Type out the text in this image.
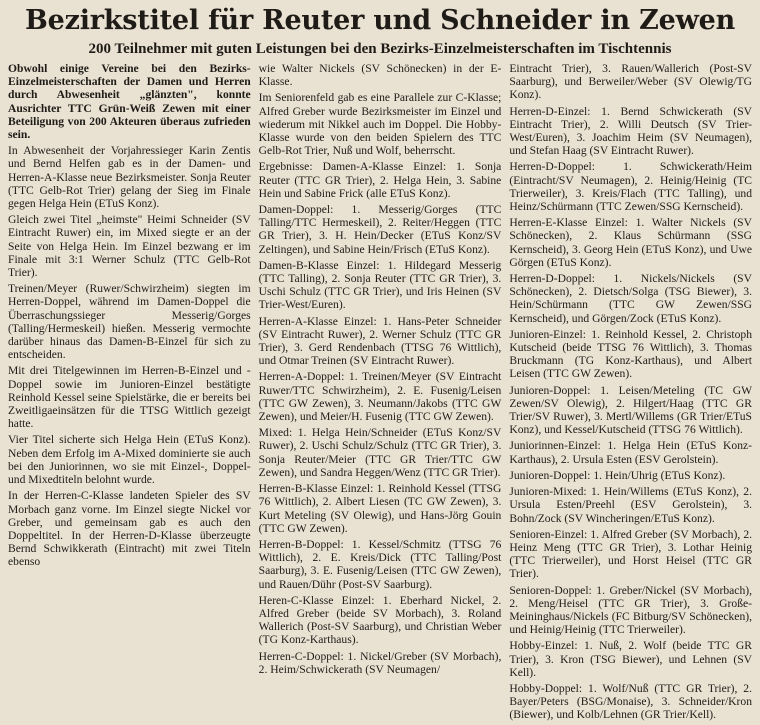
Bezirkstitel für Reuter und Schneider in Zewen
200 Teilnehmer mit guten Leistungen bei den Bezirks-Einzelmeisterschaften im Tischtennis

Obwohl einige Vereine bei den Bezirks-Einzelmeisterschaften der Damen und Herren durch Abwesenheit „glänzten", konnte Ausrichter TTC Grün-Weiß Zewen mit einer Beteiligung von 200 Akteuren überaus zufrieden sein.

In Abwesenheit der Vorjahressieger Karin Zentis und Bernd Helfen gab es in der Damen- und Herren-A-Klasse neue Bezirksmeister. Sonja Reuter (TTC Gelb-Rot Trier) gelang der Sieg im Finale gegen Helga Hein (ETuS Konz).

Gleich zwei Titel „heimste" Heimi Schneider (SV Eintracht Ruwer) ein, im Mixed siegte er an der Seite von Helga Hein. Im Einzel bezwang er im Finale mit 3:1 Werner Schulz (TTC Gelb-Rot Trier).

Treinen/Meyer (Ruwer/Schwirzheim) siegten im Herren-Doppel, während im Damen-Doppel die Überraschungssieger Messerig/Gorges (Talling/Hermeskeil) hießen. Messerig vermochte darüber hinaus das Damen-B-Einzel für sich zu entscheiden.

Mit drei Titelgewinnen im Herren-B-Einzel und -Doppel sowie im Junioren-Einzel bestätigte Reinhold Kessel seine Spielstärke, die er bereits bei Zweitligaeinsätzen für die TTSG Wittlich gezeigt hatte.

Vier Titel sicherte sich Helga Hein (ETuS Konz). Neben dem Erfolg im A-Mixed dominierte sie auch bei den Juniorinnen, wo sie mit Einzel-, Doppel- und Mixedtiteln belohnt wurde.

In der Herren-C-Klasse landeten Spieler des SV Morbach ganz vorne. Im Einzel siegte Nickel vor Greber, und gemeinsam gab es auch den Doppeltitel. In der Herren-D-Klasse überzeugte Bernd Schwikkerath (Eintracht) mit zwei Titeln ebenso

wie Walter Nickels (SV Schönecken) in der E-Klasse.

Im Seniorenfeld gab es eine Parallele zur C-Klasse; Alfred Greber wurde Bezirksmeister im Einzel und wiederum mit Nikkel auch im Doppel. Die Hobby-Klasse wurde von den beiden Spielern des TTC Gelb-Rot Trier, Nuß und Wolf, beherrscht.

Ergebnisse: Damen-A-Klasse Einzel: 1. Sonja Reuter (TTC GR Trier), 2. Helga Hein, 3. Sabine Hein und Sabine Frick (alle ETuS Konz).

Damen-Doppel: 1. Messerig/Gorges (TTC Talling/TTC Hermeskeil), 2. Reiter/Heggen (TTC GR Trier), 3. H. Hein/Decker (ETuS Konz/SV Zeltingen), und Sabine Hein/Frisch (ETuS Konz).

Damen-B-Klasse Einzel: 1. Hildegard Messerig (TTC Talling), 2. Sonja Reuter (TTC GR Trier), 3. Uschi Schulz (TTC GR Trier), und Iris Heinen (SV Trier-West/Euren).

Herren-A-Klasse Einzel: 1. Hans-Peter Schneider (SV Eintracht Ruwer), 2. Werner Schulz (TTC GR Trier), 3. Gerd Rendenbach (TTSG 76 Wittlich), und Otmar Treinen (SV Eintracht Ruwer).

Herren-A-Doppel: 1. Treinen/Meyer (SV Eintracht Ruwer/TTC Schwirzheim), 2. E. Fusenig/Leisen (TTC GW Zewen), 3. Neumann/Jakobs (TTC GW Zewen), und Meier/H. Fusenig (TTC GW Zewen).

Mixed: 1. Helga Hein/Schneider (ETuS Konz/SV Ruwer), 2. Uschi Schulz/Schulz (TTC GR Trier), 3. Sonja Reuter/Meier (TTC GR Trier/TTC GW Zewen), und Sandra Heggen/Wenz (TTC GR Trier).

Herren-B-Klasse Einzel: 1. Reinhold Kessel (TTSG 76 Wittlich), 2. Albert Liesen (TC GW Zewen), 3. Kurt Meteling (SV Olewig), und Hans-Jörg Gouin (TTC GW Zewen).

Herren-B-Doppel: 1. Kessel/Schmitz (TTSG 76 Wittlich), 2. E. Kreis/Dick (TTC Talling/Post Saarburg), 3. E. Fusenig/Leisen (TTC GW Zewen), und Rauen/Dühr (Post-SV Saarburg).

Heren-C-Klasse Einzel: 1. Eberhard Nickel, 2. Alfred Greber (beide SV Morbach), 3. Roland Wallerich (Post-SV Saarburg), und Christian Weber (TG Konz-Karthaus).

Herren-C-Doppel: 1. Nickel/Greber (SV Morbach), 2. Heim/Schwickerath (SV Neumagen/

Eintracht Trier), 3. Rauen/Wallerich (Post-SV Saarburg), und Berweiler/Weber (SV Olewig/TG Konz).

Herren-D-Einzel: 1. Bernd Schwickerath (SV Eintracht Trier), 2. Willi Deutsch (SV Trier-West/Euren), 3. Joachim Heim (SV Neumagen), und Stefan Haag (SV Eintracht Ruwer).

Herren-D-Doppel: 1. Schwickerath/Heim (Eintracht/SV Neumagen), 2. Heinig/Heinig (TC Trierweiler), 3. Kreis/Flach (TTC Talling), und Heinz/Schürmann (TTC Zewen/SSG Kernscheid).

Herren-E-Klasse Einzel: 1. Walter Nickels (SV Schönecken), 2. Klaus Schürmann (SSG Kernscheid), 3. Georg Hein (ETuS Konz), und Uwe Görgen (ETuS Konz).

Herren-D-Doppel: 1. Nickels/Nickels (SV Schönecken), 2. Dietsch/Solga (TSG Biewer), 3. Hein/Schürmann (TTC GW Zewen/SSG Kernscheid), und Görgen/Zock (ETuS Konz).

Junioren-Einzel: 1. Reinhold Kessel, 2. Christoph Kutscheid (beide TTSG 76 Wittlich), 3. Thomas Bruckmann (TG Konz-Karthaus), und Albert Leisen (TTC GW Zewen).

Junioren-Doppel: 1. Leisen/Meteling (TC GW Zewen/SV Olewig), 2. Hilgert/Haag (TTC GR Trier/SV Ruwer), 3. Mertl/Willems (GR Trier/ETuS Konz), und Kessel/Kutscheid (TTSG 76 Wittlich).

Juniorinnen-Einzel: 1. Helga Hein (ETuS Konz-Karthaus), 2. Ursula Esten (ESV Gerolstein).

Junioren-Doppel: 1. Hein/Uhrig (ETuS Konz).

Junioren-Mixed: 1. Hein/Willems (ETuS Konz), 2. Ursula Esten/Preehl (ESV Gerolstein), 3. Bohn/Zock (SV Wincheringen/ETuS Konz).

Senioren-Einzel: 1. Alfred Greber (SV Morbach), 2. Heinz Meng (TTC GR Trier), 3. Lothar Heinig (TTC Trierweiler), und Horst Heisel (TTC GR Trier).

Senioren-Doppel: 1. Greber/Nickel (SV Morbach), 2. Meng/Heisel (TTC GR Trier), 3. Große-Meininghaus/Nickels (FC Bitburg/SV Schönecken), und Heinig/Heinig (TTC Trierweiler).

Hobby-Einzel: 1. Nuß, 2. Wolf (beide TTC GR Trier), 3. Kron (TSG Biewer), und Lehnen (SV Kell).

Hobby-Doppel: 1. Wolf/Nuß (TTC GR Trier), 2. Bayer/Peters (BSG/Monaise), 3. Schneider/Kron (Biewer), und Kolb/Lehnen (GR Trier/Kell).
